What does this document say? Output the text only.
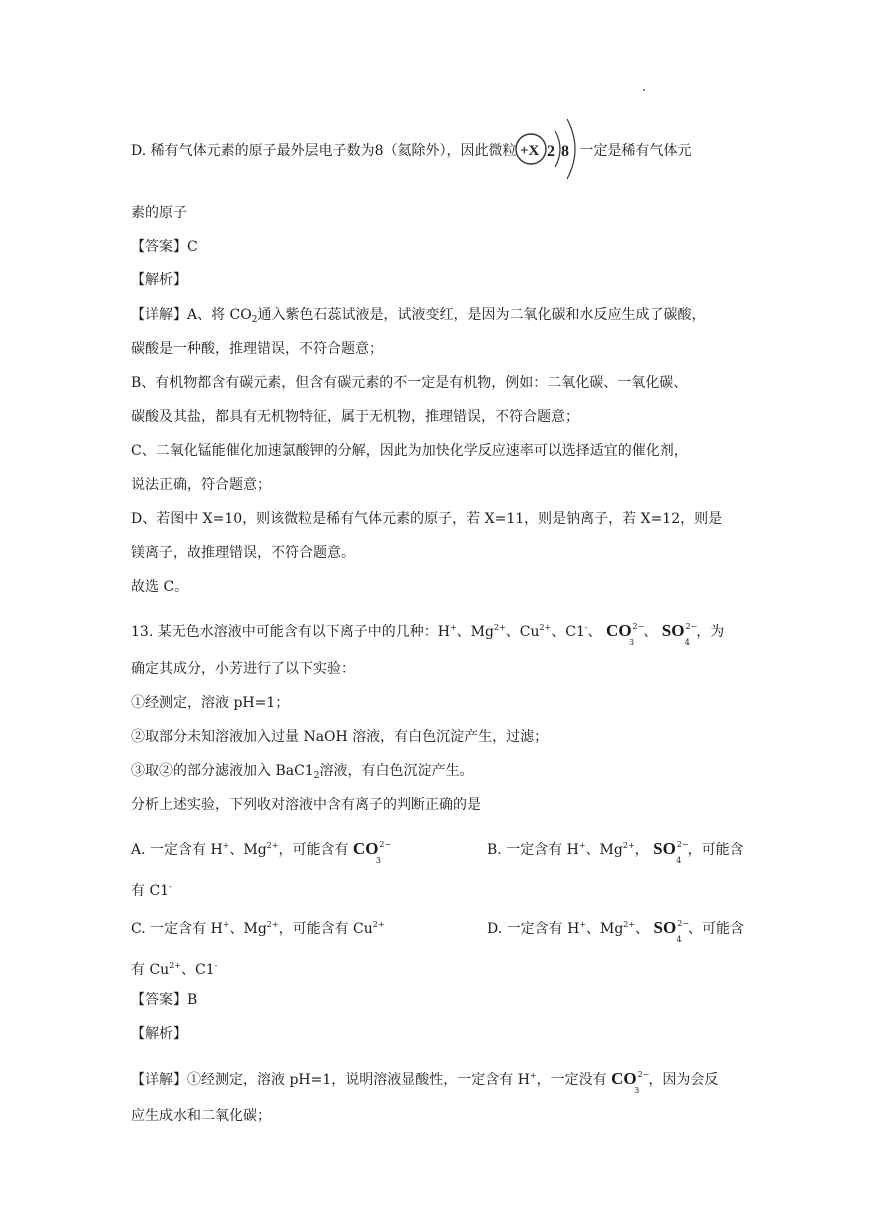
D. 稀有气体元素的原子最外层电子数为8（氦除外），因此微粒 +X 2 8 一定是稀有气体元
素的原子
【答案】C
【解析】
【详解】A、将 $CO_2$通入紫色石蕊试液是，试液变红，是因为二氧化碳和水反应生成了碳酸，
碳酸是一种酸，推理错误，不符合题意；
B、有机物都含有碳元素，但含有碳元素的不一定是有机物，例如：二氧化碳、一氧化碳、
碳酸及其盐，都具有无机物特征，属于无机物，推理错误，不符合题意；
C、二氧化锰能催化加速氯酸钾的分解，因此为加快化学反应速率可以选择适宜的催化剂，
说法正确，符合题意；
D、若图中 X=10，则该微粒是稀有气体元素的原子，若 X=11，则是钠离子，若 X=12，则是
镁离子，故推理错误，不符合题意。
故选 C。
13. 某无色水溶液中可能含有以下离子中的几种：H+、$Mg^{2+}$、$Cu^{2+}$、C1-、 $CO^{2-}$
3
、 $SO^{2-}$
4
，为
确定其成分，小芳进行了以下实验：
①经测定，溶液 pH=1；
②取部分未知溶液加入过量 NaOH 溶液，有白色沉淀产生，过滤；
③取②的部分滤液加入 $BaC1_2$溶液，有白色沉淀产生。
分析上述实验，下列收对溶液中含有离子的判断正确的是
A. 一定含有 H+、$Mg^{2+}$，可能含有 $CO^{2-}$
3
B. 一定含有 H+、$Mg^{2+}$， $SO^{2-}$
4
，可能含
有 C1-
C. 一定含有 H+、$Mg^{2+}$，可能含有 $Cu^{2+}$	D. 一定含有 H+、$Mg^{2+}$、 $SO^{2-}$
4
、可能含
有 $Cu^{2+}$、C1-
【答案】B
【解析】
【详解】①经测定，溶液 pH=1，说明溶液显酸性，一定含有 H+，一定没有 $CO^{2-}$
3
，因为会反
应生成水和二氧化碳；
